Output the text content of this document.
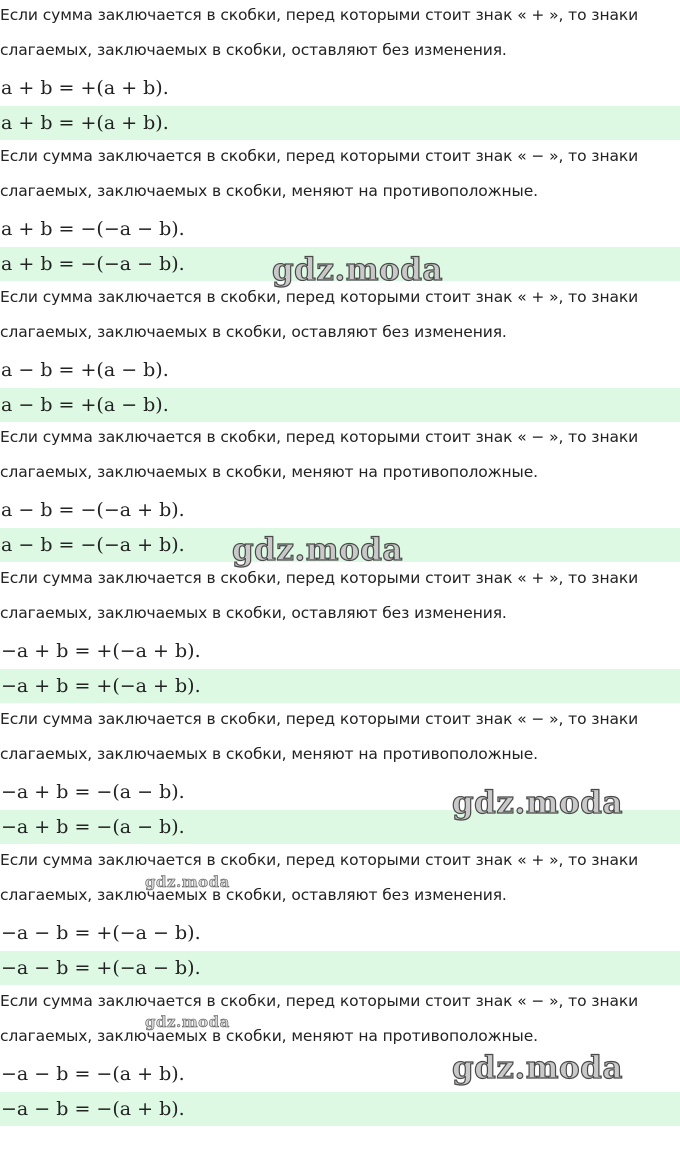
Если сумма заключается в скобки, перед которыми стоит знак « + », то знаки
слагаемых, заключаемых в скобки, оставляют без изменения.
a + b = +(a + b).
a + b = +(a + b).
Если сумма заключается в скобки, перед которыми стоит знак « − », то знаки
слагаемых, заключаемых в скобки, меняют на противоположные.
a + b = −(−a − b).
a + b = −(−a − b).
Если сумма заключается в скобки, перед которыми стоит знак « + », то знаки
слагаемых, заключаемых в скобки, оставляют без изменения.
a − b = +(a − b).
a − b = +(a − b).
Если сумма заключается в скобки, перед которыми стоит знак « − », то знаки
слагаемых, заключаемых в скобки, меняют на противоположные.
a − b = −(−a + b).
a − b = −(−a + b).
Если сумма заключается в скобки, перед которыми стоит знак « + », то знаки
слагаемых, заключаемых в скобки, оставляют без изменения.
−a + b = +(−a + b).
−a + b = +(−a + b).
Если сумма заключается в скобки, перед которыми стоит знак « − », то знаки
слагаемых, заключаемых в скобки, меняют на противоположные.
−a + b = −(a − b).
−a + b = −(a − b).
Если сумма заключается в скобки, перед которыми стоит знак « + », то знаки
слагаемых, заключаемых в скобки, оставляют без изменения.
−a − b = +(−a − b).
−a − b = +(−a − b).
Если сумма заключается в скобки, перед которыми стоит знак « − », то знаки
слагаемых, заключаемых в скобки, меняют на противоположные.
−a − b = −(a + b).
−a − b = −(a + b).
gdz.moda
gdz.moda
gdz.moda
gdz.moda
gdz.moda
gdz.moda
